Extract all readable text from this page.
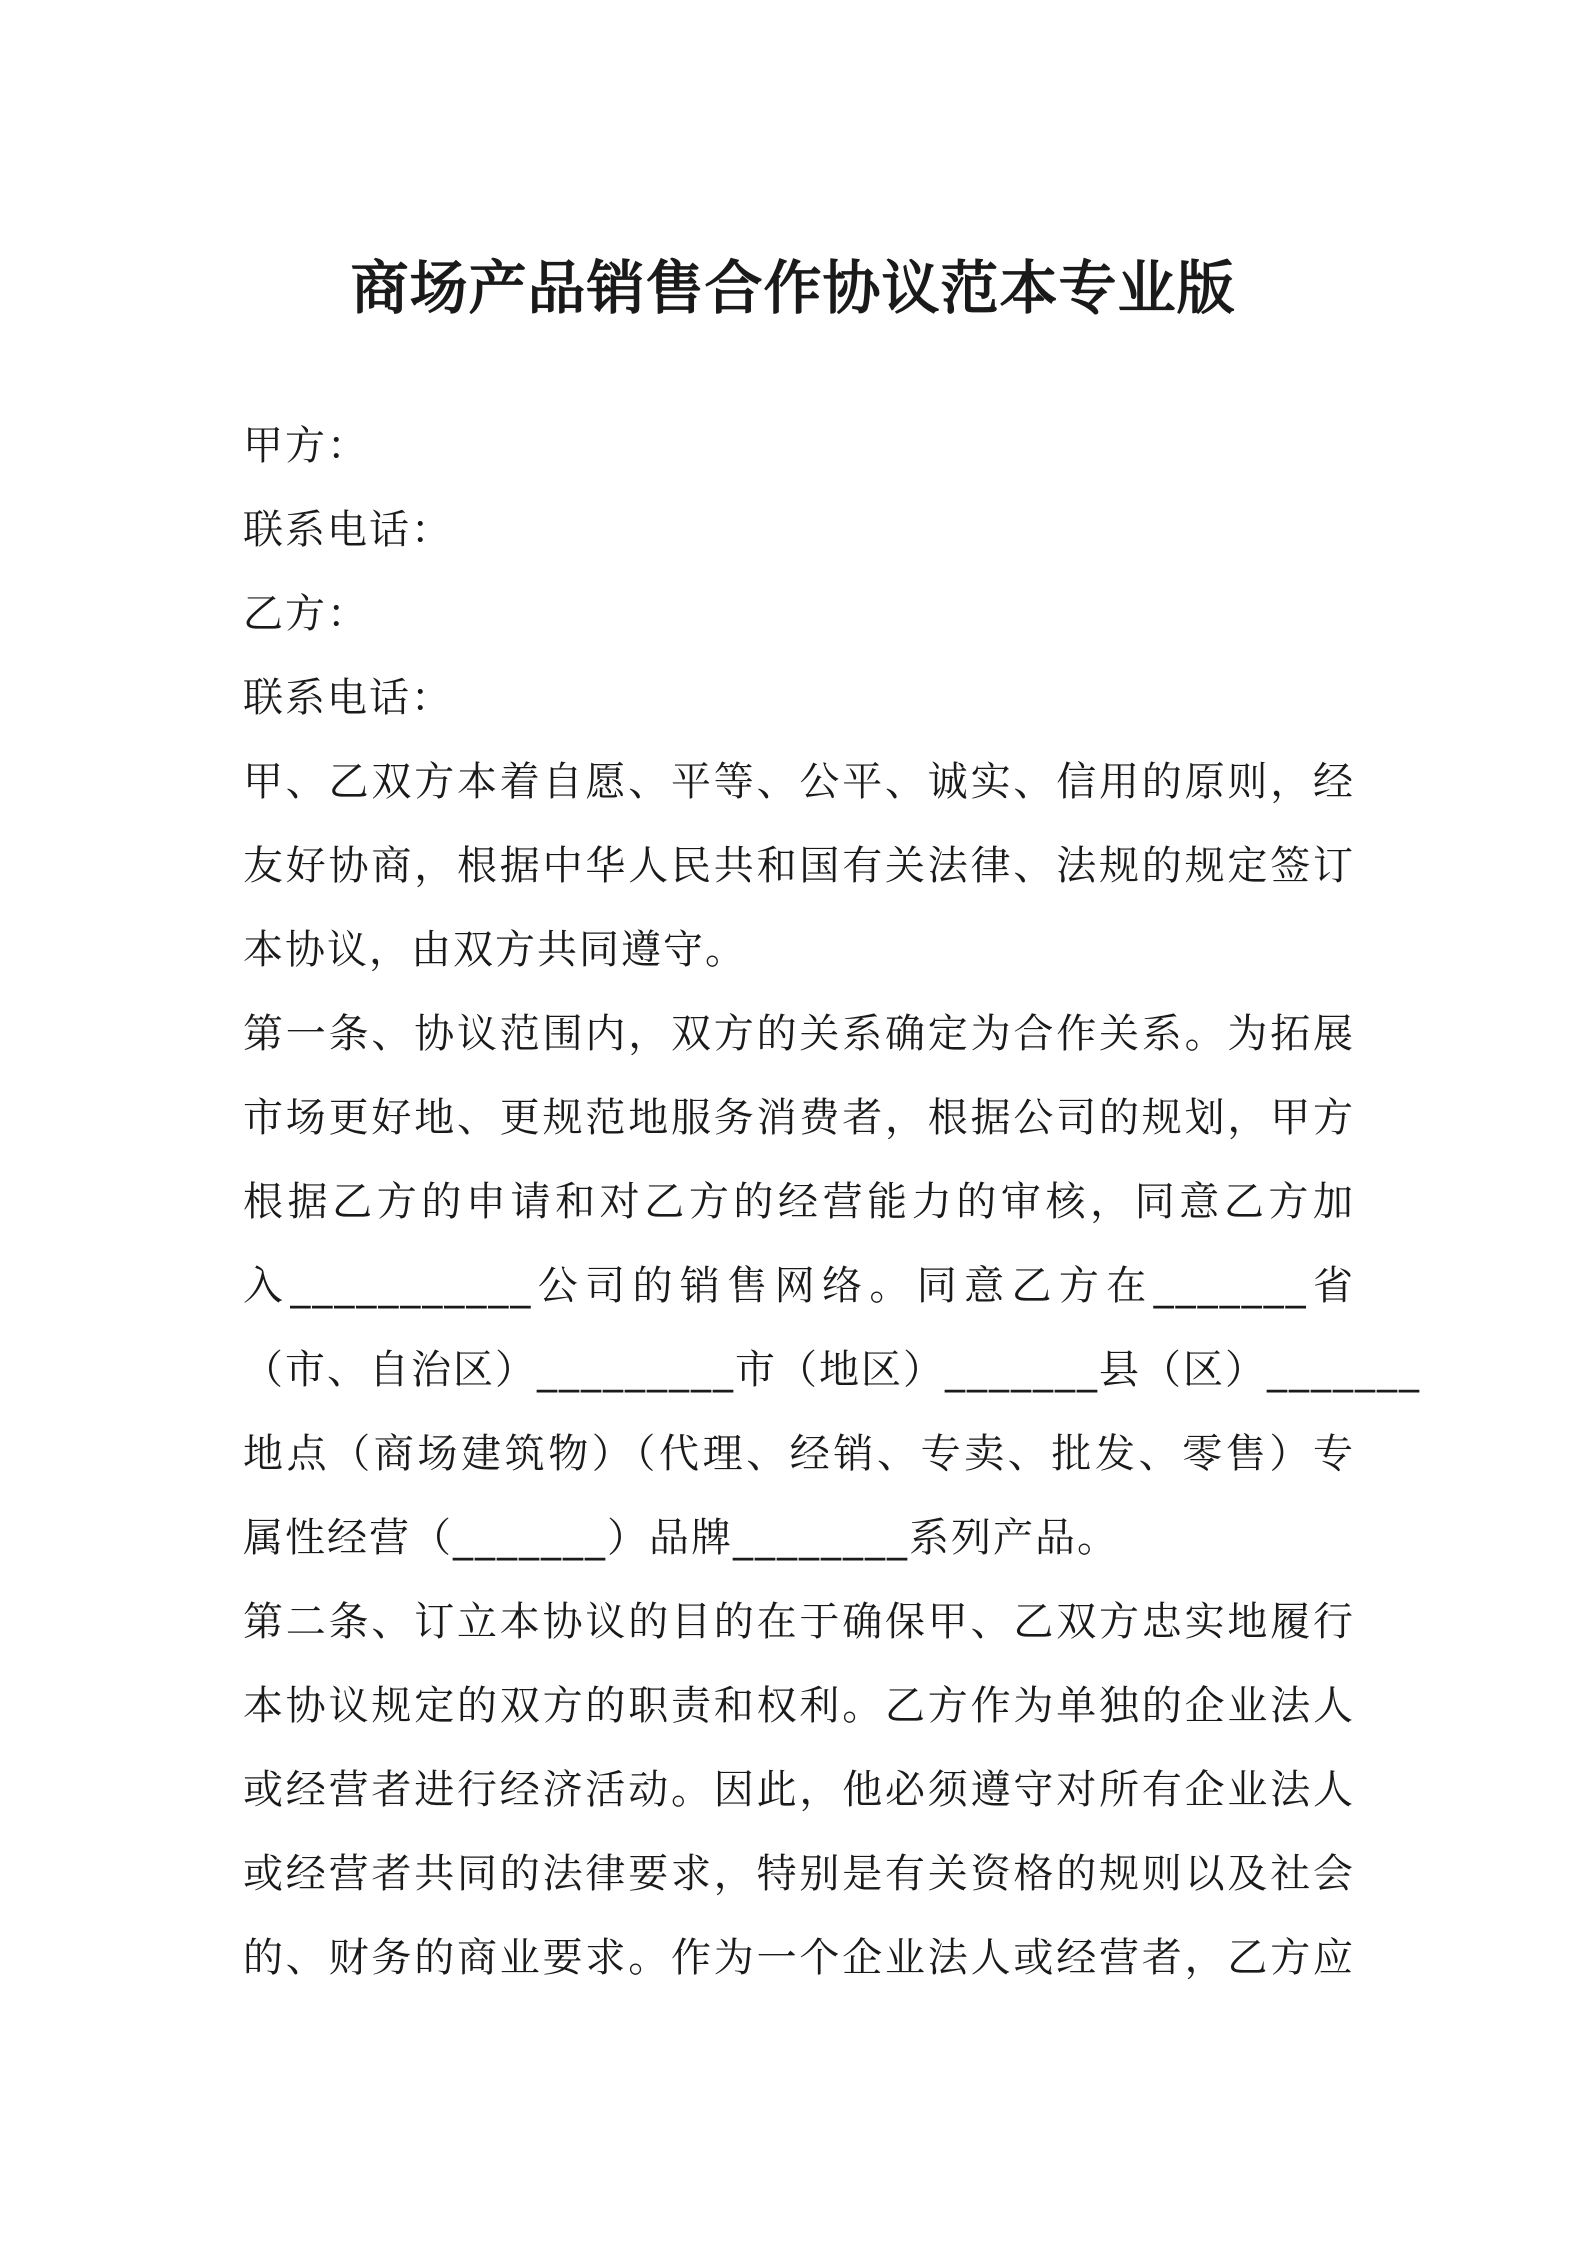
商场产品销售合作协议范本专业版
甲方：
联系电话：
乙方：
联系电话：
甲、乙双方本着自愿、平等、公平、诚实、信用的原则，经
友好协商，根据中华人民共和国有关法律、法规的规定签订
本协议，由双方共同遵守。
第一条、协议范围内，双方的关系确定为合作关系。为拓展
市场更好地、更规范地服务消费者，根据公司的规划，甲方
根据乙方的申请和对乙方的经营能力的审核，同意乙方加
入___________公司的销售网络。同意乙方在_______省
（市、自治区）_________市（地区）_______县（区）_______
地点（商场建筑物）（代理、经销、专卖、批发、零售）专
属性经营（_______）品牌________系列产品。
第二条、订立本协议的目的在于确保甲、乙双方忠实地履行
本协议规定的双方的职责和权利。乙方作为单独的企业法人
或经营者进行经济活动。因此，他必须遵守对所有企业法人
或经营者共同的法律要求，特别是有关资格的规则以及社会
的、财务的商业要求。作为一个企业法人或经营者，乙方应
